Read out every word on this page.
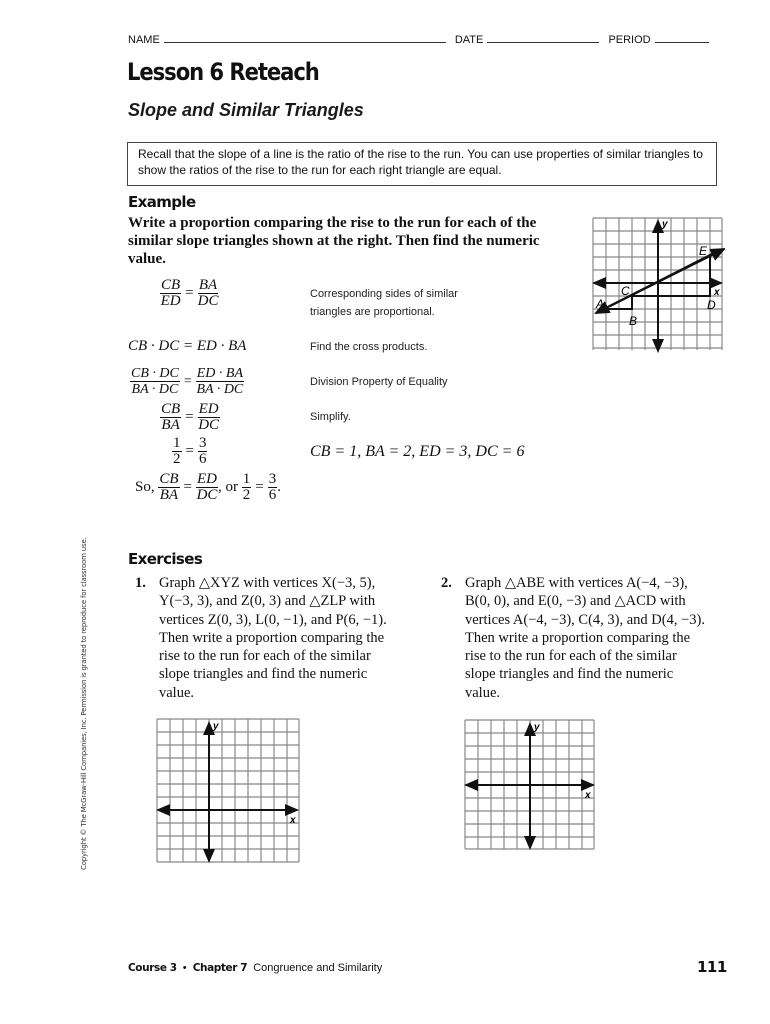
NAME	DATE	PERIOD
Lesson 6 Reteach
Slope and Similar Triangles
Recall that the slope of a line is the ratio of the rise to the run. You can use properties of similar triangles to show the ratios of the rise to the run for each right triangle are equal.
Example
Write a proportion comparing the rise to the run for each of the similar slope triangles shown at the right. Then find the numeric value.
$\frac{CB}{ED} = \frac{BA}{DC}$	Corresponding sides of similar triangles are proportional.
CB · DC = ED · BA	Find the cross products.
$\frac{CB \cdot DC}{BA \cdot DC} = \frac{ED \cdot BA}{BA \cdot DC}$	Division Property of Equality
$\frac{CB}{BA} = \frac{ED}{DC}$	Simplify.
$\frac{1}{2} = \frac{3}{6}$	CB = 1, BA = 2, ED = 3, DC = 6
So, $\frac{CB}{BA} = \frac{ED}{DC}$ , or $\frac{1}{2} = \frac{3}{6}$ .
y
x
A
B
C
D
E
Exercises
1. Graph △XYZ with vertices X(−3, 5),
Y(−3, 3), and Z(0, 3) and △ZLP with
vertices Z(0, 3), L(0, −1), and P(6, −1).
Then write a proportion comparing the
rise to the run for each of the similar
slope triangles and find the numeric
value.
2. Graph △ABE with vertices A(−4, −3),
B(0, 0), and E(0, −3) and △ACD with
vertices A(−4, −3), C(4, 3), and D(4, −3).
Then write a proportion comparing the
rise to the run for each of the similar
slope triangles and find the numeric
value.
y
x
y
x
Copyright © The McGraw-Hill Companies, Inc. Permission is granted to reproduce for classroom use.
Course 3 • Chapter 7 Congruence and Similarity	111
